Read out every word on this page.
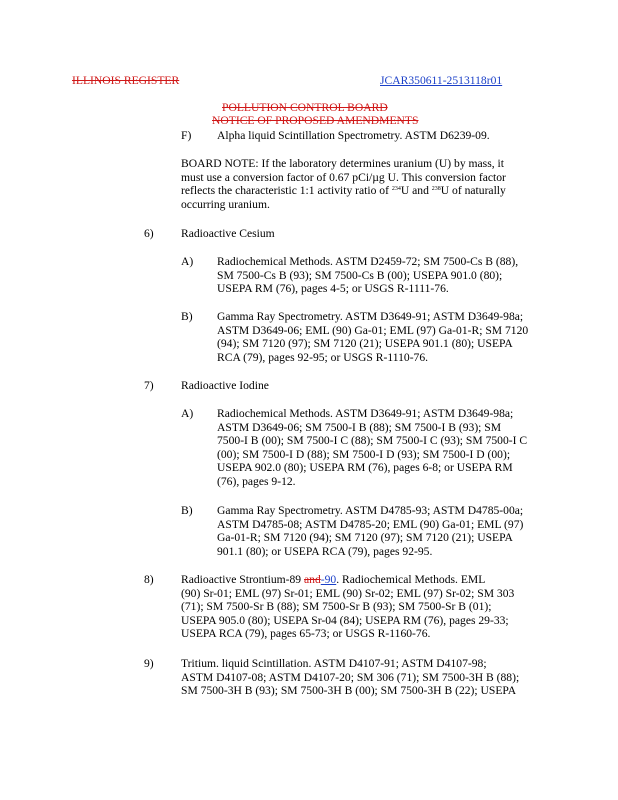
ILLINOIS REGISTER	JCAR350611-2513118r01
POLLUTION CONTROL BOARD
NOTICE OF PROPOSED AMENDMENTS
F) Alpha liquid Scintillation Spectrometry. ASTM D6239-09.
BOARD NOTE: If the laboratory determines uranium (U) by mass, it
must use a conversion factor of 0.67 pCi/µg U. This conversion factor
reflects the characteristic 1:1 activity ratio of $^{234}$U and $^{238}$U of naturally
occurring uranium.
6) Radioactive Cesium
A) Radiochemical Methods. ASTM D2459-72; SM 7500-Cs B (88),
SM 7500-Cs B (93); SM 7500-Cs B (00); USEPA 901.0 (80);
USEPA RM (76), pages 4-5; or USGS R-1111-76.
B) Gamma Ray Spectrometry. ASTM D3649-91; ASTM D3649-98a;
ASTM D3649-06; EML (90) Ga-01; EML (97) Ga-01-R; SM 7120
(94); SM 7120 (97); SM 7120 (21); USEPA 901.1 (80); USEPA
RCA (79), pages 92-95; or USGS R-1110-76.
7) Radioactive Iodine
A) Radiochemical Methods. ASTM D3649-91; ASTM D3649-98a;
ASTM D3649-06; SM 7500-I B (88); SM 7500-I B (93); SM
7500-I B (00); SM 7500-I C (88); SM 7500-I C (93); SM 7500-I C
(00); SM 7500-I D (88); SM 7500-I D (93); SM 7500-I D (00);
USEPA 902.0 (80); USEPA RM (76), pages 6-8; or USEPA RM
(76), pages 9-12.
B) Gamma Ray Spectrometry. ASTM D4785-93; ASTM D4785-00a;
ASTM D4785-08; ASTM D4785-20; EML (90) Ga-01; EML (97)
Ga-01-R; SM 7120 (94); SM 7120 (97); SM 7120 (21); USEPA
901.1 (80); or USEPA RCA (79), pages 92-95.
8) Radioactive Strontium-89 and-90. Radiochemical Methods. EML
(90) Sr-01; EML (97) Sr-01; EML (90) Sr-02; EML (97) Sr-02; SM 303
(71); SM 7500-Sr B (88); SM 7500-Sr B (93); SM 7500-Sr B (01);
USEPA 905.0 (80); USEPA Sr-04 (84); USEPA RM (76), pages 29-33;
USEPA RCA (79), pages 65-73; or USGS R-1160-76.
9) Tritium. liquid Scintillation. ASTM D4107-91; ASTM D4107-98;
ASTM D4107-08; ASTM D4107-20; SM 306 (71); SM 7500-3H B (88);
SM 7500-3H B (93); SM 7500-3H B (00); SM 7500-3H B (22); USEPA
